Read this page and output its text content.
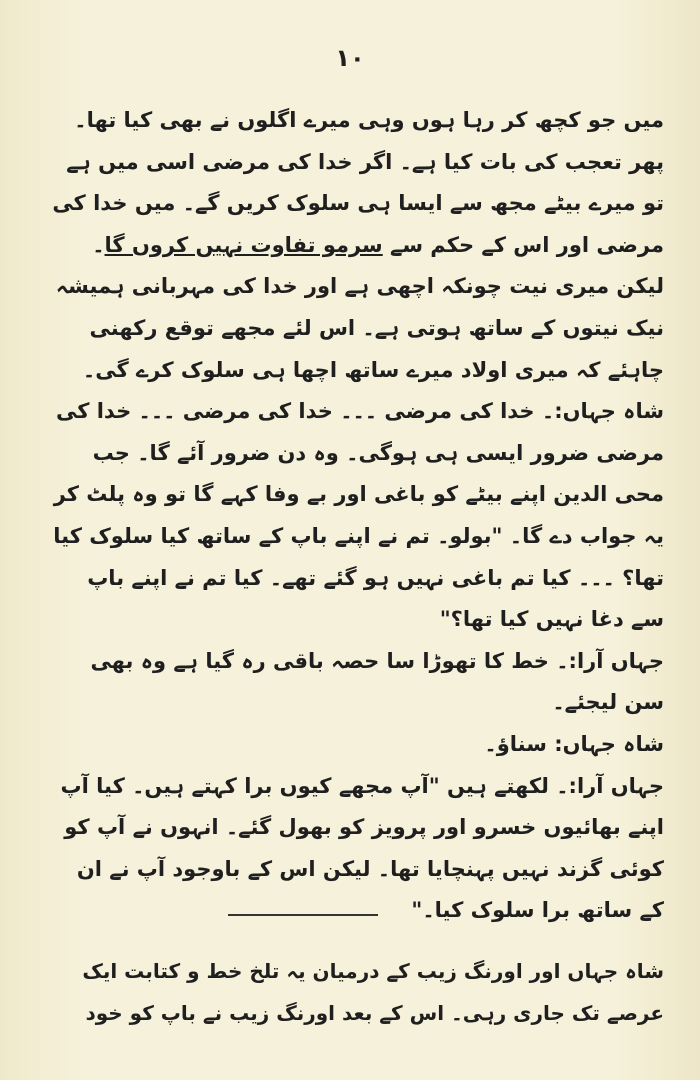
۱۰

میں جو کچھ کر رہا ہوں وہی میرے اگلوں نے بھی کیا تھا۔ پھر تعجب کی بات کیا ہے۔ اگر خدا کی مرضی اسی میں ہے تو میرے بیٹے مجھ سے ایسا ہی سلوک کریں گے۔ میں خدا کی مرضی اور اس کے حکم سے سرمو تفاوت نہیں کروں گا۔ لیکن میری نیت چونکہ اچھی ہے اور خدا کی مہربانی ہمیشہ نیک نیتوں کے ساتھ ہوتی ہے۔ اس لئے مجھے توقع رکھنی چاہئے کہ میری اولاد میرے ساتھ اچھا ہی سلوک کرے گی۔

شاہ جہاں:۔ خدا کی مرضی ۔۔۔ خدا کی مرضی ۔۔۔ خدا کی مرضی ضرور ایسی ہی ہوگی۔ وہ دن ضرور آئے گا۔ جب محی الدین اپنے بیٹے کو باغی اور بے وفا کہے گا تو وہ پلٹ کر یہ جواب دے گا۔ "بولو۔ تم نے اپنے باپ کے ساتھ کیا سلوک کیا تھا؟ ۔۔۔ کیا تم باغی نہیں ہو گئے تھے۔ کیا تم نے اپنے باپ سے دغا نہیں کیا تھا؟"

جہاں آرا:۔ خط کا تھوڑا سا حصہ باقی رہ گیا ہے وہ بھی سن لیجئے۔

شاہ جہاں: سناؤ۔

جہاں آرا:۔ لکھتے ہیں "آپ مجھے کیوں برا کہتے ہیں۔ کیا آپ اپنے بھائیوں خسرو اور پرویز کو بھول گئے۔ انہوں نے آپ کو کوئی گزند نہیں پہنچایا تھا۔ لیکن اس کے باوجود آپ نے ان کے ساتھ برا سلوک کیا۔"

شاہ جہاں اور اورنگ زیب کے درمیان یہ تلخ خط و کتابت ایک عرصے تک جاری رہی۔ اس کے بعد اورنگ زیب نے باپ کو خود
